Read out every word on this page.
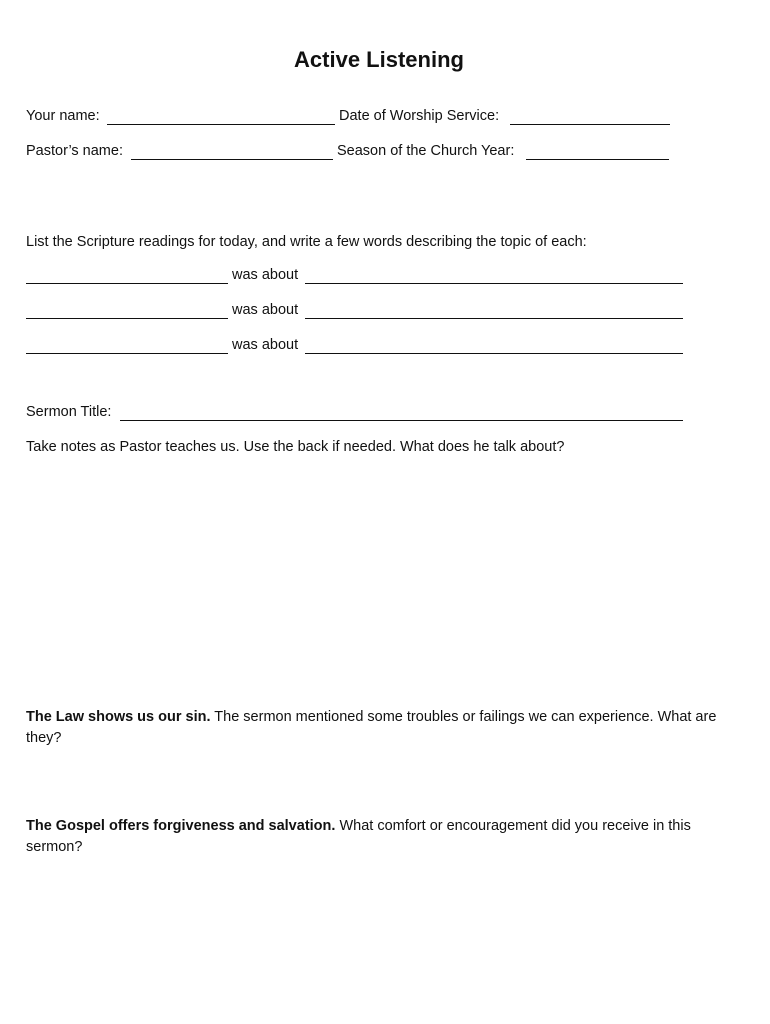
Active Listening
Your name:	Date of Worship Service:
Pastor’s name:	Season of the Church Year:
List the Scripture readings for today, and write a few words describing the topic of each:
was about
was about
was about
Sermon Title:
Take notes as Pastor teaches us. Use the back if needed. What does he talk about?
The Law shows us our sin. The sermon mentioned some troubles or failings we can experience. What are they?
The Gospel offers forgiveness and salvation. What comfort or encouragement did you receive in this sermon?
